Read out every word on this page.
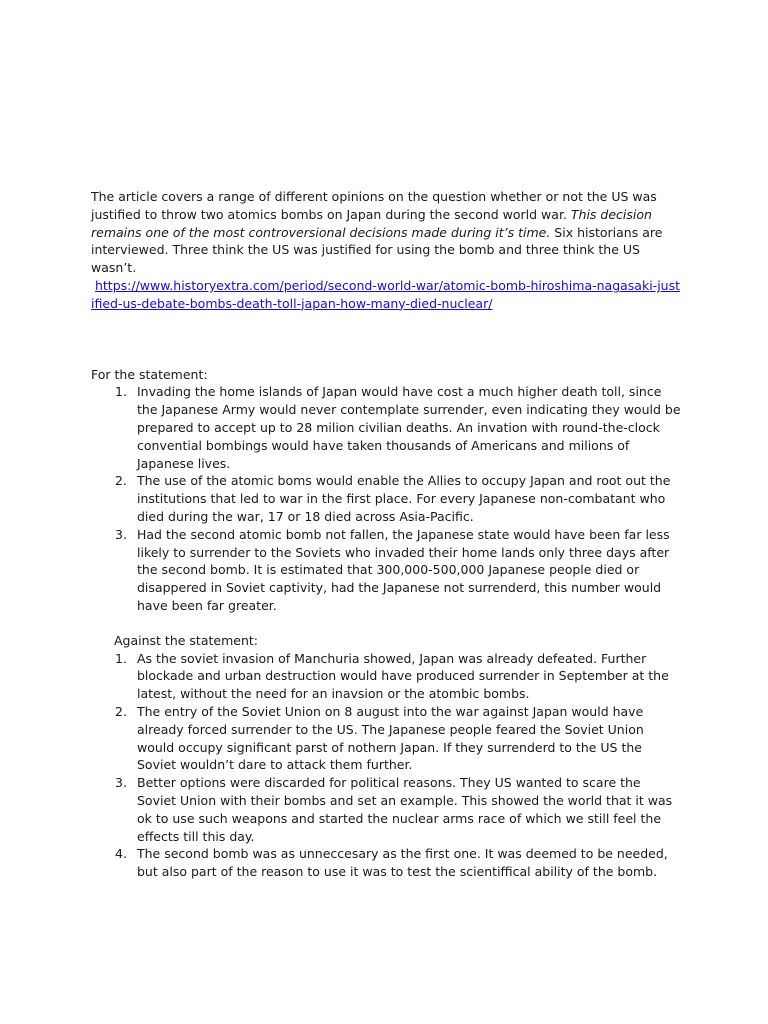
The article covers a range of different opinions on the question whether or not the US was justified to throw two atomics bombs on Japan during the second world war. This decision remains one of the most controversional decisions made during it’s time. Six historians are interviewed. Three think the US was justified for using the bomb and three think the US wasn’t.

https://www.historyextra.com/period/second-world-war/atomic-bomb-hiroshima-nagasaki-justified-us-debate-bombs-death-toll-japan-how-many-died-nuclear/

For the statement:

1. Invading the home islands of Japan would have cost a much higher death toll, since the Japanese Army would never contemplate surrender, even indicating they would be prepared to accept up to 28 milion civilian deaths. An invation with round-the-clock convential bombings would have taken thousands of Americans and milions of Japanese lives.
2. The use of the atomic boms would enable the Allies to occupy Japan and root out the institutions that led to war in the first place. For every Japanese non-combatant who died during the war, 17 or 18 died across Asia-Pacific.
3. Had the second atomic bomb not fallen, the Japanese state would have been far less likely to surrender to the Soviets who invaded their home lands only three days after the second bomb. It is estimated that 300,000-500,000 Japanese people died or disappered in Soviet captivity, had the Japanese not surrenderd, this number would have been far greater.

Against the statement:

1. As the soviet invasion of Manchuria showed, Japan was already defeated. Further blockade and urban destruction would have produced surrender in September at the latest, without the need for an inavsion or the atombic bombs.
2. The entry of the Soviet Union on 8 august into the war against Japan would have already forced surrender to the US. The Japanese people feared the Soviet Union would occupy significant parst of nothern Japan. If they surrenderd to the US the Soviet wouldn’t dare to attack them further.
3. Better options were discarded for political reasons. They US wanted to scare the Soviet Union with their bombs and set an example. This showed the world that it was ok to use such weapons and started the nuclear arms race of which we still feel the effects till this day.
4. The second bomb was as unneccesary as the first one. It was deemed to be needed, but also part of the reason to use it was to test the scientiffical ability of the bomb.
